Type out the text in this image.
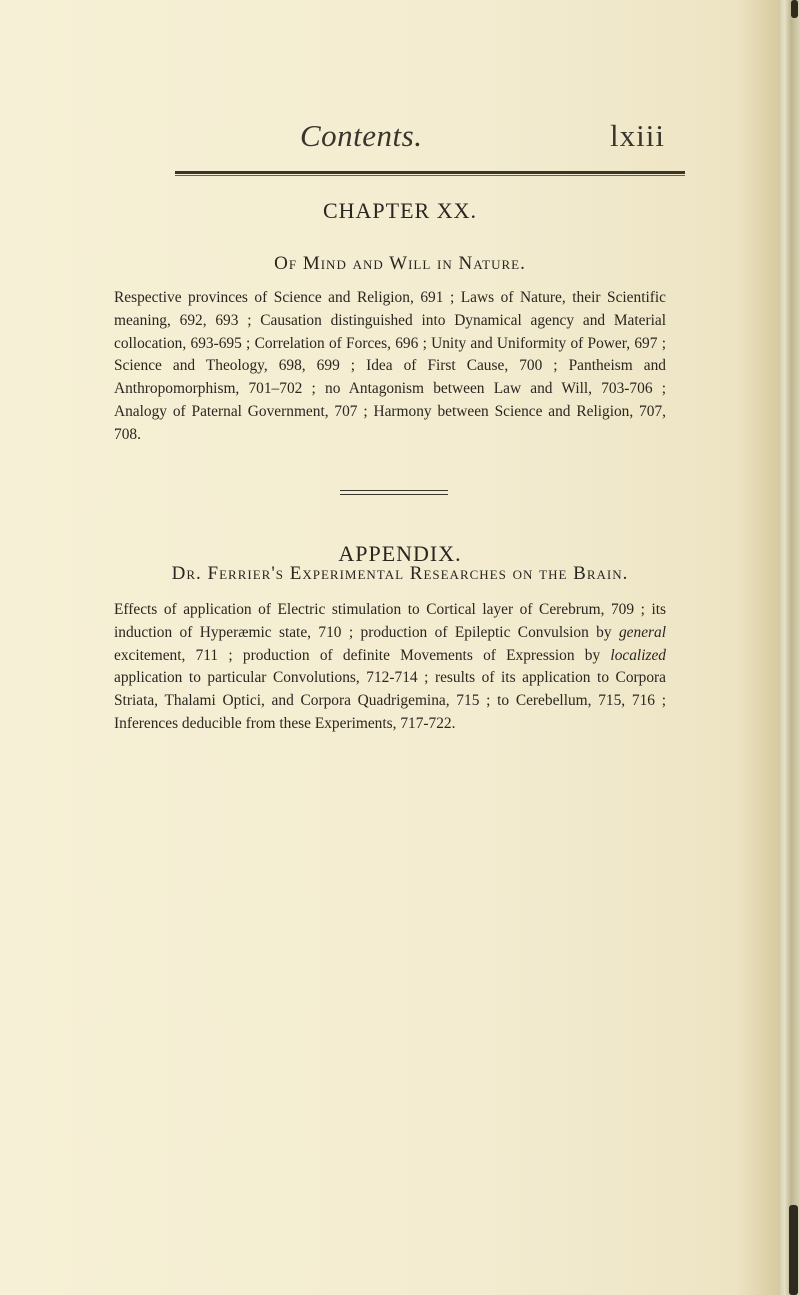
Contents.	lxiii
CHAPTER XX.
Of Mind and Will in Nature.

Respective provinces of Science and Religion, 691 ; Laws of Nature, their Scientific meaning, 692, 693 ; Causation distinguished into Dynamical agency and Material collocation, 693-695 ; Correlation of Forces, 696 ; Unity and Uniformity of Power, 697 ; Science and Theology, 698, 699 ; Idea of First Cause, 700 ; Pantheism and Anthropomorphism, 701–702 ; no Antagonism between Law and Will, 703-706 ; Analogy of Paternal Government, 707 ; Harmony between Science and Religion, 707, 708.

APPENDIX.
Dr. Ferrier's Experimental Researches on the Brain.

Effects of application of Electric stimulation to Cortical layer of Cerebrum, 709 ; its induction of Hyperæmic state, 710 ; production of Epileptic Convulsion by general excitement, 711 ; production of definite Movements of Expression by localized application to particular Convolutions, 712-714 ; results of its application to Corpora Striata, Thalami Optici, and Corpora Quadrigemina, 715 ; to Cerebellum, 715, 716 ; Inferences deducible from these Experiments, 717-722.
